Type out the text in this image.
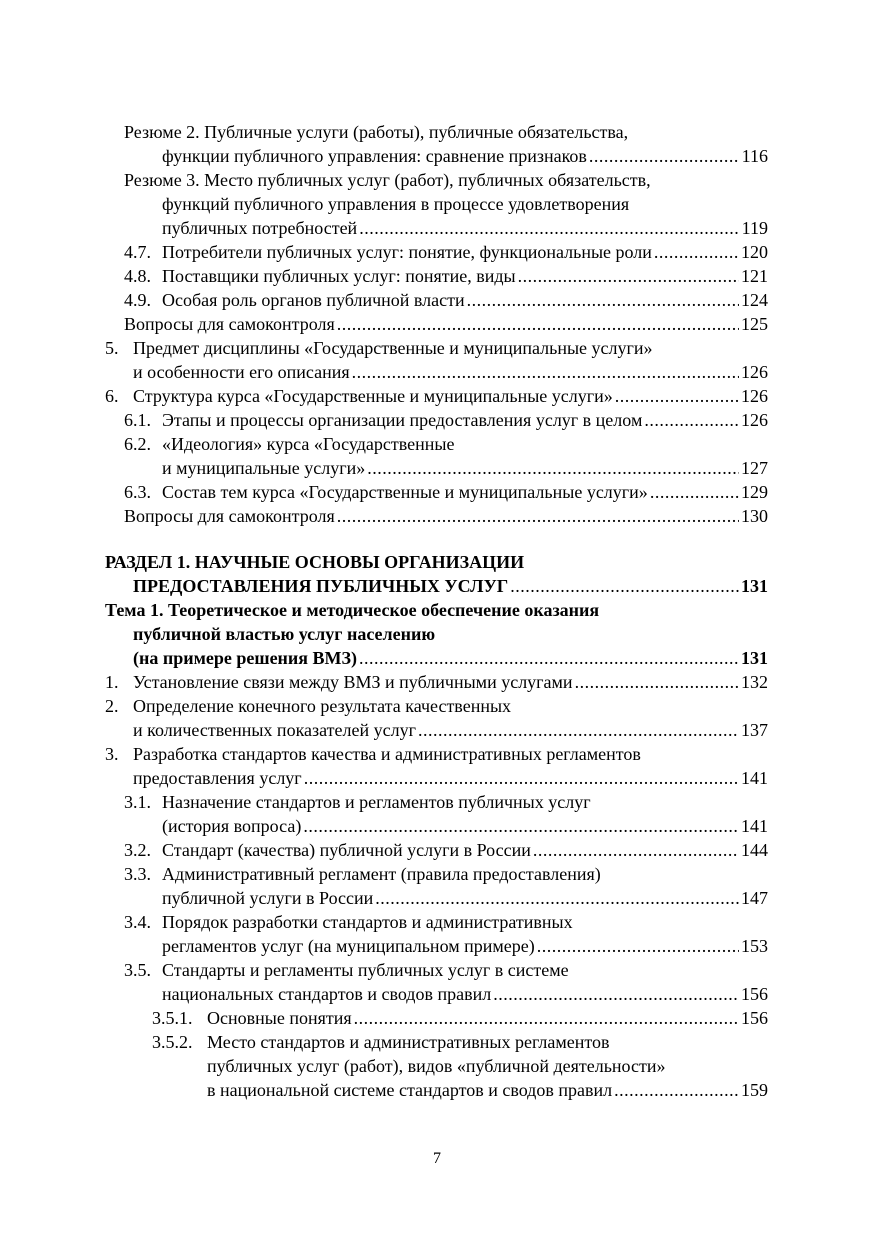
Резюме 2. Публичные услуги (работы), публичные обязательства,
функции публичного управления: сравнение признаков .....	116
Резюме 3. Место публичных услуг (работ), публичных обязательств,
функций публичного управления в процессе удовлетворения
публичных потребностей .....	119
4.7. Потребители публичных услуг: понятие, функциональные роли .....	120
4.8. Поставщики публичных услуг: понятие, виды .....	121
4.9. Особая роль органов публичной власти .....	124
Вопросы для самоконтроля .....	125
5. Предмет дисциплины «Государственные и муниципальные услуги»
и особенности его описания .....	126
6. Структура курса «Государственные и муниципальные услуги» .....	126
6.1. Этапы и процессы организации предоставления услуг в целом .....	126
6.2. «Идеология» курса «Государственные
и муниципальные услуги» .....	127
6.3. Состав тем курса «Государственные и муниципальные услуги» .....	129
Вопросы для самоконтроля .....	130
РАЗДЕЛ 1. НАУЧНЫЕ ОСНОВЫ ОРГАНИЗАЦИИ
ПРЕДОСТАВЛЕНИЯ ПУБЛИЧНЫХ УСЛУГ .....	131
Тема 1. Теоретическое и методическое обеспечение оказания
публичной властью услуг населению
(на примере решения ВМЗ) .....	131
1. Установление связи между ВМЗ и публичными услугами .....	132
2. Определение конечного результата качественных
и количественных показателей услуг .....	137
3. Разработка стандартов качества и административных регламентов
предоставления услуг .....	141
3.1. Назначение стандартов и регламентов публичных услуг
(история вопроса) .....	141
3.2. Стандарт (качества) публичной услуги в России .....	144
3.3. Административный регламент (правила предоставления)
публичной услуги в России .....	147
3.4. Порядок разработки стандартов и административных
регламентов услуг (на муниципальном примере) .....	153
3.5. Стандарты и регламенты публичных услуг в системе
национальных стандартов и сводов правил .....	156
3.5.1. Основные понятия .....	156
3.5.2. Место стандартов и административных регламентов
публичных услуг (работ), видов «публичной деятельности»
в национальной системе стандартов и сводов правил .....	159
7
